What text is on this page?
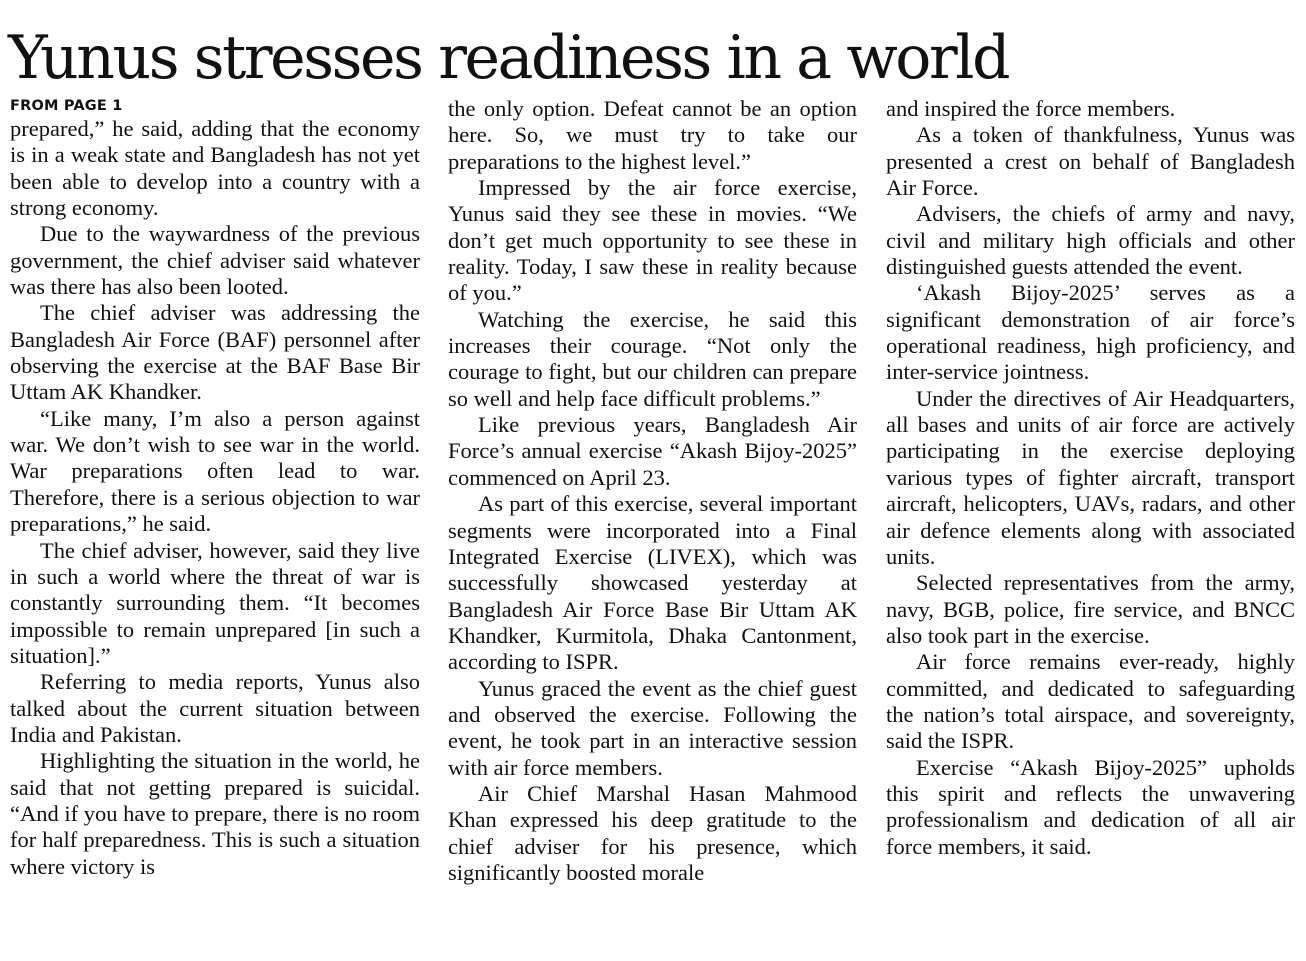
Yunus stresses readiness in a world
FROM PAGE 1

prepared,” he said, adding that the economy is in a weak state and Bangladesh has not yet been able to develop into a country with a strong economy.

Due to the waywardness of the previous government, the chief adviser said whatever was there has also been looted.

The chief adviser was addressing the Bangladesh Air Force (BAF) personnel after observing the exercise at the BAF Base Bir Uttam AK Khandker.

“Like many, I’m also a person against war. We don’t wish to see war in the world. War preparations often lead to war. Therefore, there is a serious objection to war preparations,” he said.

The chief adviser, however, said they live in such a world where the threat of war is constantly surrounding them. “It becomes impossible to remain unprepared [in such a situation].”

Referring to media reports, Yunus also talked about the current situation between India and Pakistan.

Highlighting the situation in the world, he said that not getting prepared is suicidal. “And if you have to prepare, there is no room for half preparedness. This is such a situation where victory is

the only option. Defeat cannot be an option here. So, we must try to take our preparations to the highest level.”

Impressed by the air force exercise, Yunus said they see these in movies. “We don’t get much opportunity to see these in reality. Today, I saw these in reality because of you.”

Watching the exercise, he said this increases their courage. “Not only the courage to fight, but our children can prepare so well and help face difficult problems.”

Like previous years, Bangladesh Air Force’s annual exercise “Akash Bijoy-2025” commenced on April 23.

As part of this exercise, several important segments were incorporated into a Final Integrated Exercise (LIVEX), which was successfully showcased yesterday at Bangladesh Air Force Base Bir Uttam AK Khandker, Kurmitola, Dhaka Cantonment, according to ISPR.

Yunus graced the event as the chief guest and observed the exercise. Following the event, he took part in an interactive session with air force members.

Air Chief Marshal Hasan Mahmood Khan expressed his deep gratitude to the chief adviser for his presence, which significantly boosted morale

and inspired the force members.

As a token of thankfulness, Yunus was presented a crest on behalf of Bangladesh Air Force.

Advisers, the chiefs of army and navy, civil and military high officials and other distinguished guests attended the event.

‘Akash Bijoy-2025’ serves as a significant demonstration of air force’s operational readiness, high proficiency, and inter-service jointness.

Under the directives of Air Headquarters, all bases and units of air force are actively participating in the exercise deploying various types of fighter aircraft, transport aircraft, helicopters, UAVs, radars, and other air defence elements along with associated units.

Selected representatives from the army, navy, BGB, police, fire service, and BNCC also took part in the exercise.

Air force remains ever-ready, highly committed, and dedicated to safeguarding the nation’s total airspace, and sovereignty, said the ISPR.

Exercise “Akash Bijoy-2025” upholds this spirit and reflects the unwavering professionalism and dedication of all air force members, it said.
